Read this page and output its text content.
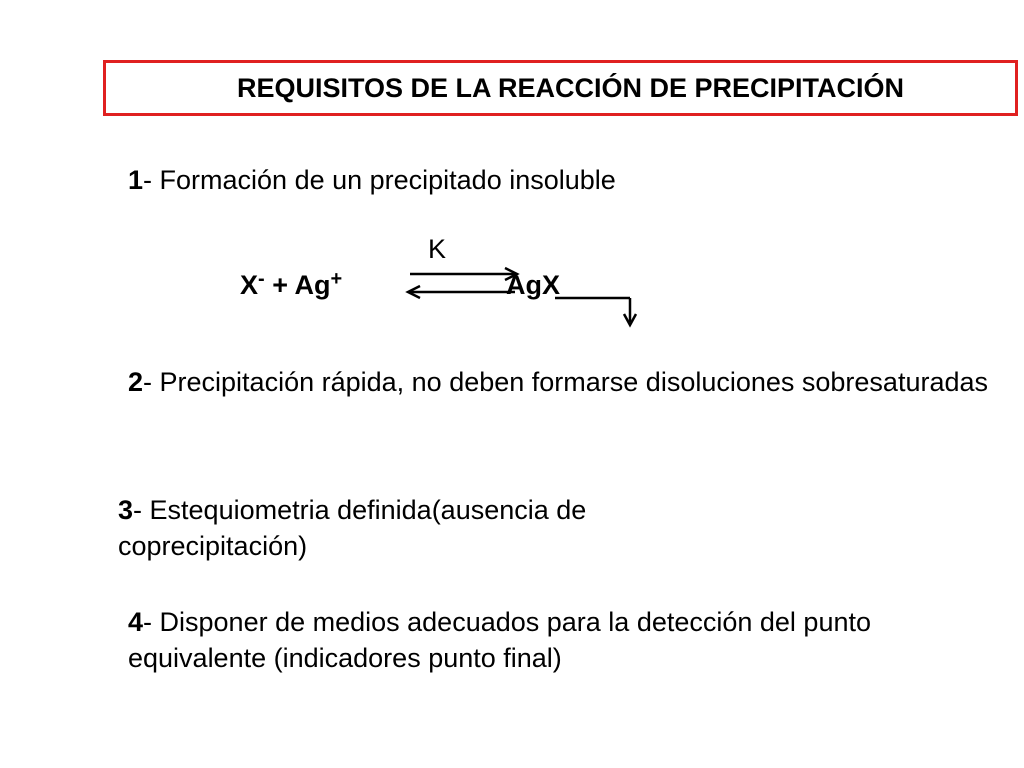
REQUISITOS DE LA REACCIÓN DE PRECIPITACIÓN
1- Formación de un precipitado insoluble
K
X- + Ag+	AgX
2- Precipitación rápida, no deben formarse disoluciones sobresaturadas
3- Estequiometria definida(ausencia de coprecipitación)
4- Disponer de medios adecuados para la detección del punto equivalente (indicadores punto final)
